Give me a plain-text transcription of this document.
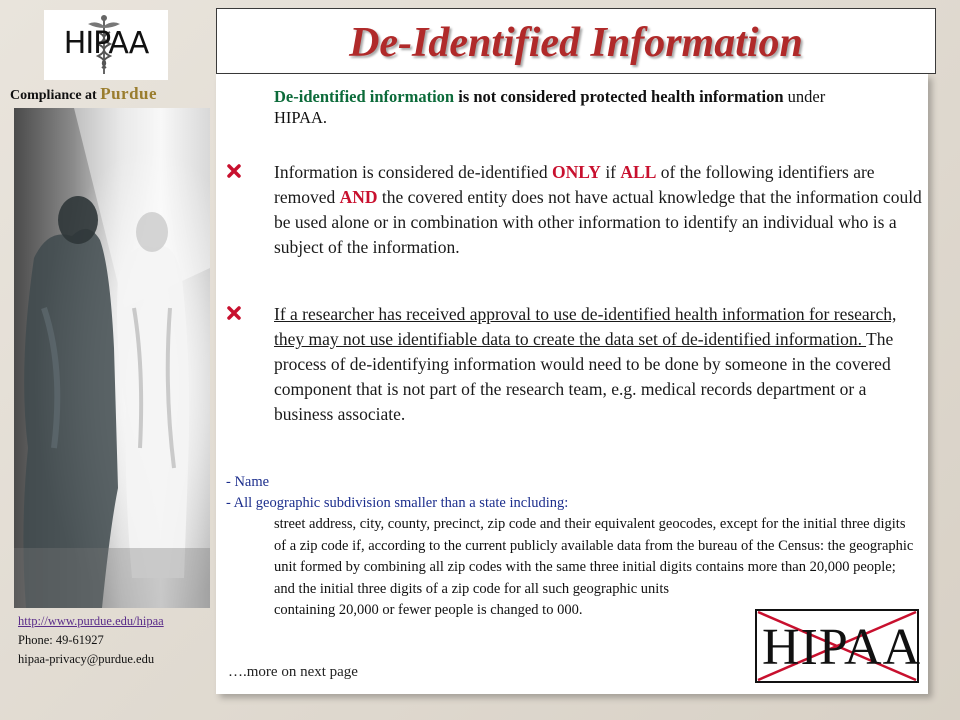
HIPAA
Compliance at Purdue
http://www.purdue.edu/hipaa
Phone: 49-61927
hipaa-privacy@purdue.edu
De-Identified Information
De-identified information is not considered protected health information under HIPAA.
Information is considered de-identified ONLY if ALL of the following identifiers are removed AND the covered entity does not have actual knowledge that the information could be used alone or in combination with other information to identify an individual who is a subject of the information.
If a researcher has received approval to use de-identified health information for research, they may not use identifiable data to create the data set of de-identified information. The process of de-identifying information would need to be done by someone in the covered component that is not part of the research team, e.g. medical records department or a business associate.
- Name
- All geographic subdivision smaller than a state including:
street address, city, county, precinct, zip code and their equivalent geocodes, except for the initial three digits of a zip code if, according to the current publicly available data from the bureau of the Census: the geographic unit formed by combining all zip codes with the same three initial digits contains more than 20,000 people; and the initial three digits of a zip code for all such geographic units
containing 20,000 or fewer people is changed to 000.
….more on next page	HIPAA
